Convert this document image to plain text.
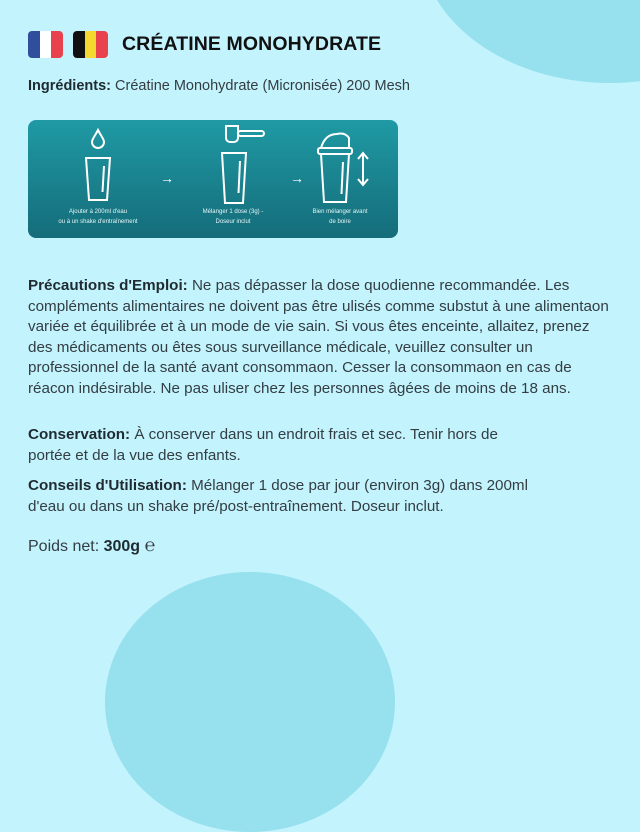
CRÉATINE MONOHYDRATE
Ingrédients: Créatine Monohydrate (Micronisée) 200 Mesh
Ajouter à 200ml d'eau
ou à un shake d'entraînement
→
Mélanger 1 dose (3g) -
Doseur inclut
→
Bien mélanger avant
de boire
Précautions d'Emploi: Ne pas dépasser la dose quodienne recommandée. Les compléments alimentaires ne doivent pas être ulisés comme substut à une alimentaon variée et équilibrée et à un mode de vie sain. Si vous êtes enceinte, allaitez, prenez des médicaments ou êtes sous surveillance médicale, veuillez consulter un professionnel de la santé avant consommaon. Cesser la consommaon en cas de réacon indésirable. Ne pas uliser chez les personnes âgées de moins de 18 ans.
Conservation: À conserver dans un endroit frais et sec. Tenir hors de portée et de la vue des enfants.
Conseils d'Utilisation: Mélanger 1 dose par jour (environ 3g) dans 200ml d'eau ou dans un shake pré/post-entraînement. Doseur inclut.
Poids net: 300g ℮
